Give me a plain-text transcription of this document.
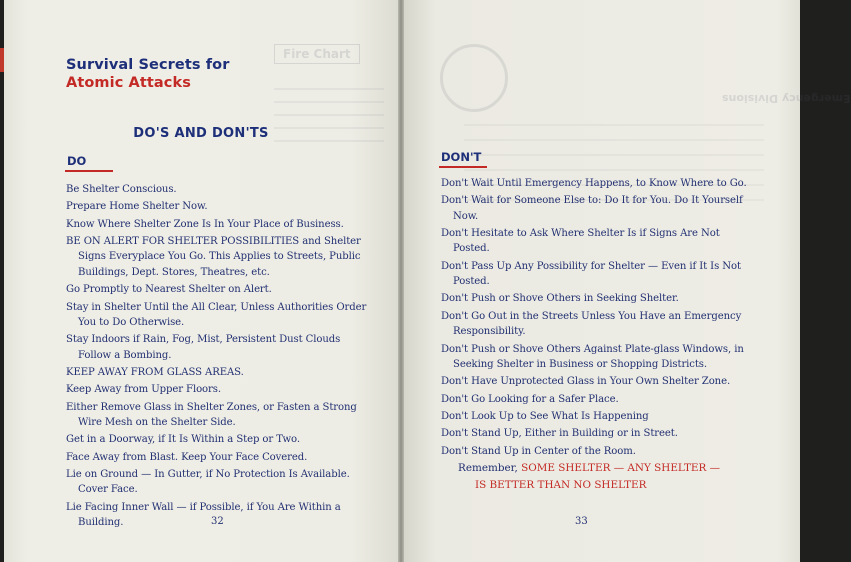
Fire Chart
Survival Secrets for
Atomic Attacks
DO'S AND DON'TS
DO
Be Shelter Conscious.
Prepare Home Shelter Now.
Know Where Shelter Zone Is In Your Place of Business.
BE ON ALERT FOR SHELTER POSSIBILITIES and Shelter Signs Everyplace You Go. This Applies to Streets, Public Buildings, Dept. Stores, Theatres, etc.
Go Promptly to Nearest Shelter on Alert.
Stay in Shelter Until the All Clear, Unless Authorities Order You to Do Otherwise.
Stay Indoors if Rain, Fog, Mist, Persistent Dust Clouds Follow a Bombing.
KEEP AWAY FROM GLASS AREAS.
Keep Away from Upper Floors.
Either Remove Glass in Shelter Zones, or Fasten a Strong Wire Mesh on the Shelter Side.
Get in a Doorway, if It Is Within a Step or Two.
Face Away from Blast. Keep Your Face Covered.
Lie on Ground — In Gutter, if No Protection Is Available. Cover Face.
Lie Facing Inner Wall — if Possible, if You Are Within a Building.	32
Emergency Divisions
DON'T
Don't Wait Until Emergency Happens, to Know Where to Go.
Don't Wait for Someone Else to: Do It for You. Do It Yourself Now.
Don't Hesitate to Ask Where Shelter Is if Signs Are Not Posted.
Don't Pass Up Any Possibility for Shelter — Even if It Is Not Posted.
Don't Push or Shove Others in Seeking Shelter.
Don't Go Out in the Streets Unless You Have an Emergency Responsibility.
Don't Push or Shove Others Against Plate-glass Windows, in Seeking Shelter in Business or Shopping Districts.
Don't Have Unprotected Glass in Your Own Shelter Zone.
Don't Go Looking for a Safer Place.
Don't Look Up to See What Is Happening
Don't Stand Up, Either in Building or in Street.
Don't Stand Up in Center of the Room.
Remember, SOME SHELTER — ANY SHELTER —
IS BETTER THAN NO SHELTER
33
